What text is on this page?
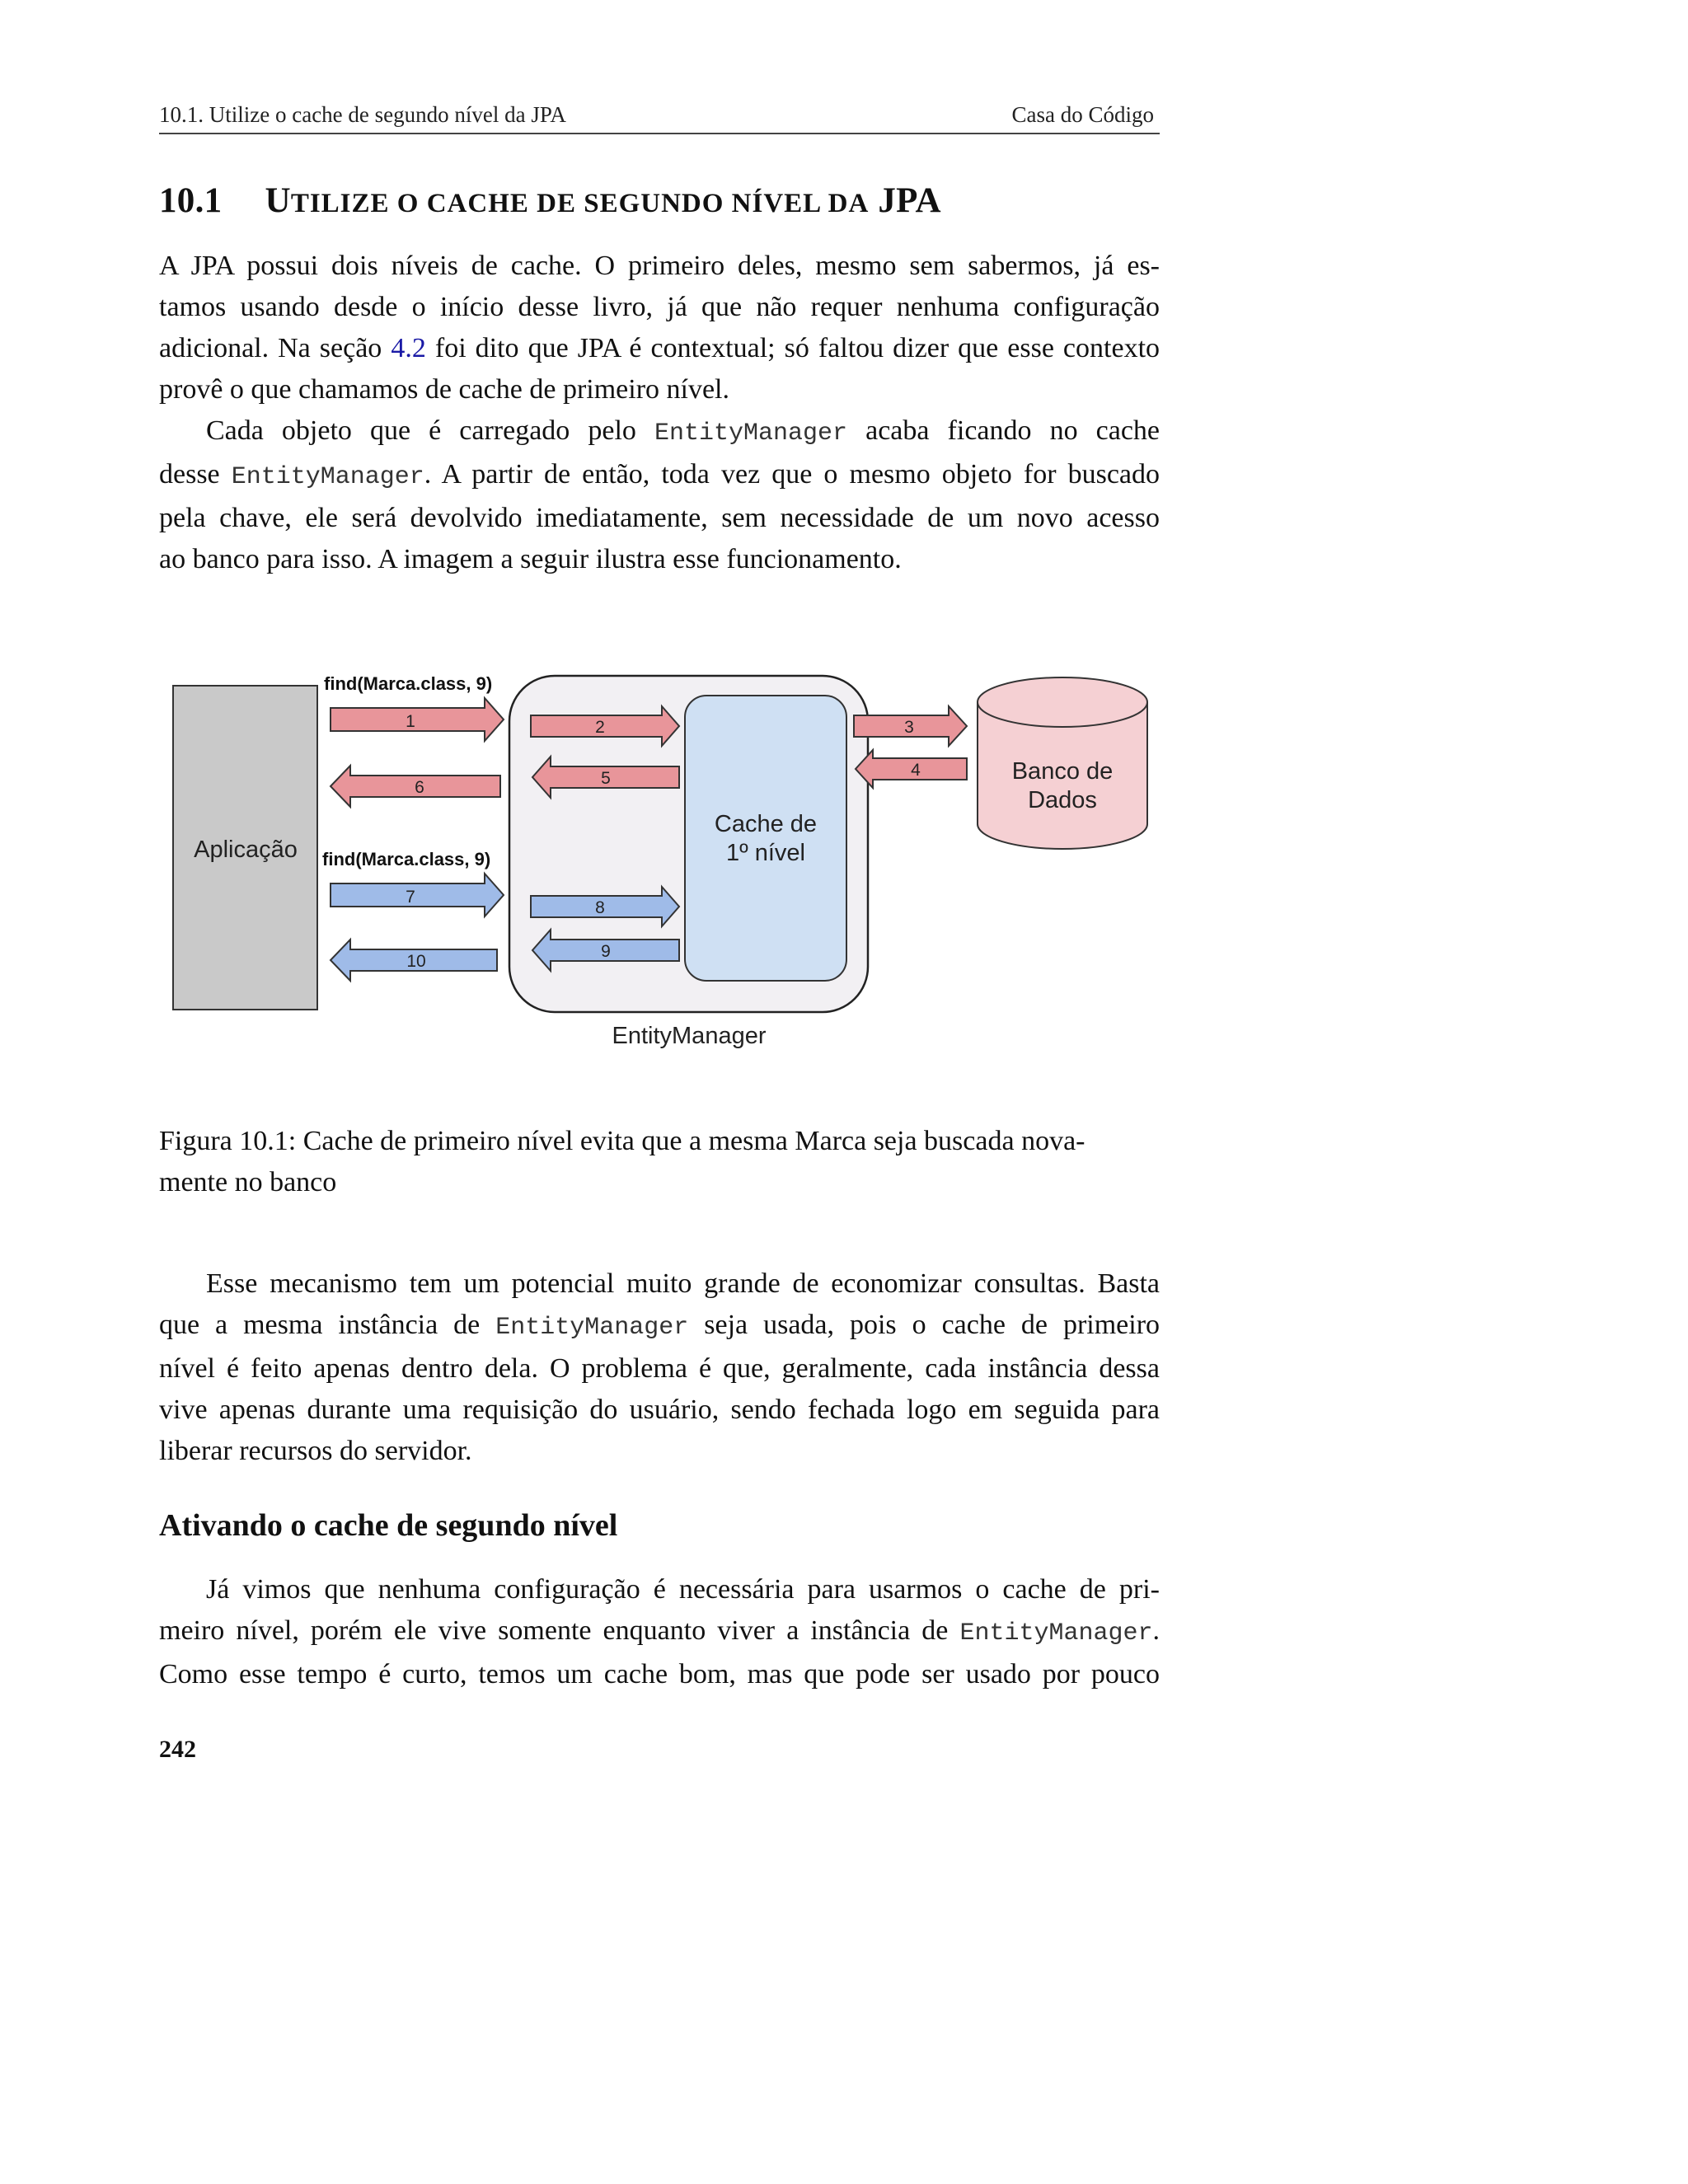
10.1. Utilize o cache de segundo nível da JPA	Casa do Código
10.1 UTILIZE O CACHE DE SEGUNDO NÍVEL DA JPA
A JPA possui dois níveis de cache. O primeiro deles, mesmo sem sabermos, já es-
tamos usando desde o início desse livro, já que não requer nenhuma configuração
adicional. Na seção 4.2 foi dito que JPA é contextual; só faltou dizer que esse contexto
provê o que chamamos de cache de primeiro nível.
Cada objeto que é carregado pelo EntityManager acaba ficando no cache
desse EntityManager. A partir de então, toda vez que o mesmo objeto for buscado
pela chave, ele será devolvido imediatamente, sem necessidade de um novo acesso
ao banco para isso. A imagem a seguir ilustra esse funcionamento.
Aplicação
EntityManager
Cache de
1º nível
Banco de
Dados
find(Marca.class, 9)
find(Marca.class, 9)
1	2	3
4
5
6
7
8
9
10
Figura 10.1: Cache de primeiro nível evita que a mesma Marca seja buscada nova-
mente no banco
Esse mecanismo tem um potencial muito grande de economizar consultas. Basta
que a mesma instância de EntityManager seja usada, pois o cache de primeiro
nível é feito apenas dentro dela. O problema é que, geralmente, cada instância dessa
vive apenas durante uma requisição do usuário, sendo fechada logo em seguida para
liberar recursos do servidor.
Ativando o cache de segundo nível
Já vimos que nenhuma configuração é necessária para usarmos o cache de pri-
meiro nível, porém ele vive somente enquanto viver a instância de EntityManager.
Como esse tempo é curto, temos um cache bom, mas que pode ser usado por pouco
242
